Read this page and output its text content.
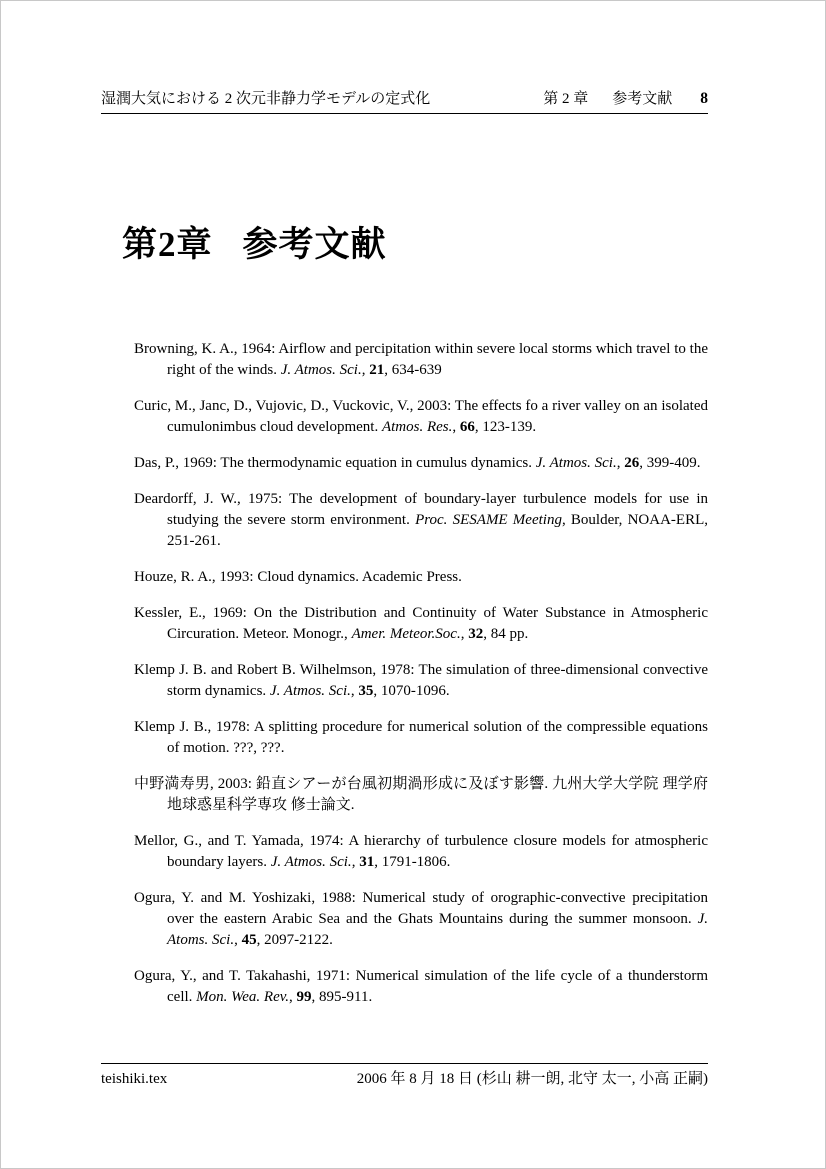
湿潤大気における 2 次元非静力学モデルの定式化	第 2 章 参考文献 8
第2章 参考文献

Browning, K. A., 1964: Airflow and percipitation within severe local storms which travel to the right of the winds. J. Atmos. Sci., 21, 634-639

Curic, M., Janc, D., Vujovic, D., Vuckovic, V., 2003: The effects fo a river valley on an isolated cumulonimbus cloud development. Atmos. Res., 66, 123-139.

Das, P., 1969: The thermodynamic equation in cumulus dynamics. J. Atmos. Sci., 26, 399-409.

Deardorff, J. W., 1975: The development of boundary-layer turbulence models for use in studying the severe storm environment. Proc. SESAME Meeting, Boulder, NOAA-ERL, 251-261.

Houze, R. A., 1993: Cloud dynamics. Academic Press.

Kessler, E., 1969: On the Distribution and Continuity of Water Substance in Atmospheric Circuration. Meteor. Monogr., Amer. Meteor.Soc., 32, 84 pp.

Klemp J. B. and Robert B. Wilhelmson, 1978: The simulation of three-dimensional convective storm dynamics. J. Atmos. Sci., 35, 1070-1096.

Klemp J. B., 1978: A splitting procedure for numerical solution of the compressible equations of motion. ???, ???.

中野満寿男, 2003: 鉛直シアーが台風初期渦形成に及ぼす影響. 九州大学大学院 理学府 地球惑星科学専攻 修士論文.

Mellor, G., and T. Yamada, 1974: A hierarchy of turbulence closure models for atmospheric boundary layers. J. Atmos. Sci., 31, 1791-1806.

Ogura, Y. and M. Yoshizaki, 1988: Numerical study of orographic-convective precipitation over the eastern Arabic Sea and the Ghats Mountains during the summer monsoon. J. Atoms. Sci., 45, 2097-2122.

Ogura, Y., and T. Takahashi, 1971: Numerical simulation of the life cycle of a thunderstorm cell. Mon. Wea. Rev., 99, 895-911.

teishiki.tex	2006 年 8 月 18 日 (杉山 耕一朗, 北守 太一, 小高 正嗣)
